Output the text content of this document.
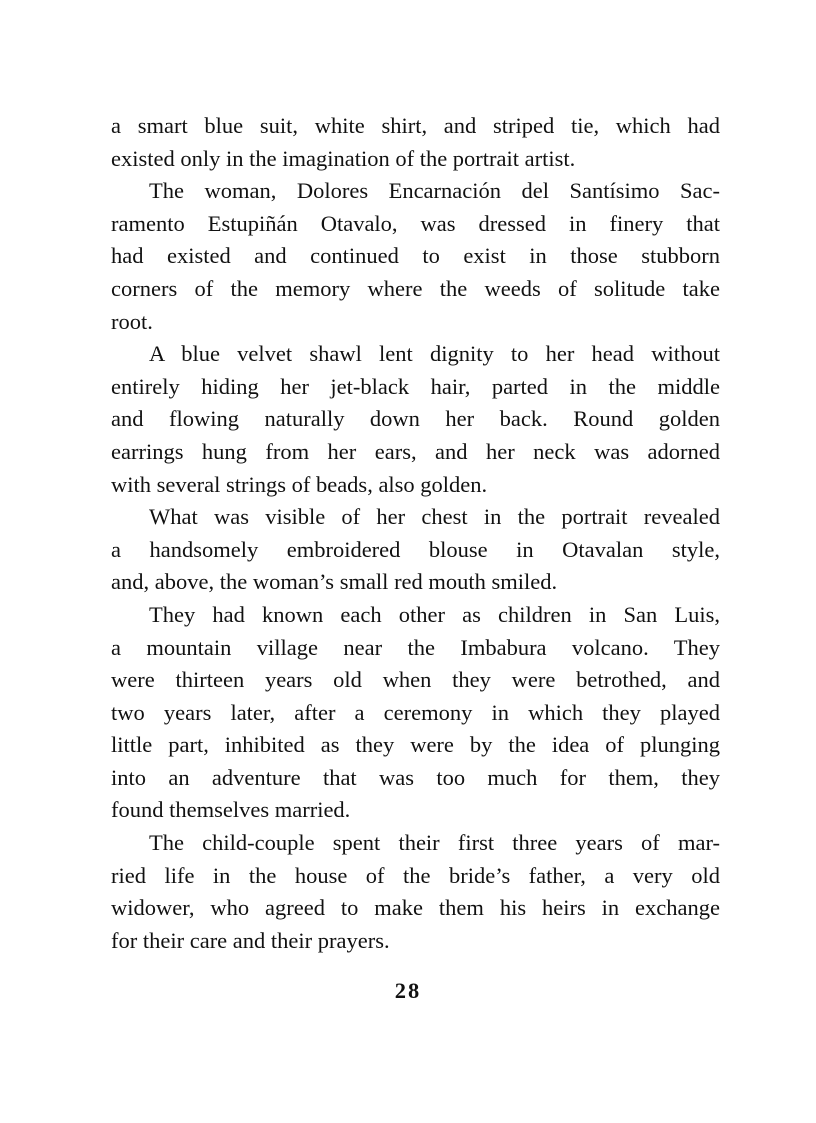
a smart blue suit, white shirt, and striped tie, which had
existed only in the imagination of the portrait artist.
The woman, Dolores Encarnación del Santísimo Sac-
ramento Estupiñán Otavalo, was dressed in finery that
had existed and continued to exist in those stubborn
corners of the memory where the weeds of solitude take
root.
A blue velvet shawl lent dignity to her head without
entirely hiding her jet-black hair, parted in the middle
and flowing naturally down her back. Round golden
earrings hung from her ears, and her neck was adorned
with several strings of beads, also golden.
What was visible of her chest in the portrait revealed
a handsomely embroidered blouse in Otavalan style,
and, above, the woman’s small red mouth smiled.
They had known each other as children in San Luis,
a mountain village near the Imbabura volcano. They
were thirteen years old when they were betrothed, and
two years later, after a ceremony in which they played
little part, inhibited as they were by the idea of plunging
into an adventure that was too much for them, they
found themselves married.
The child-couple spent their first three years of mar-
ried life in the house of the bride’s father, a very old
widower, who agreed to make them his heirs in exchange
for their care and their prayers.
28
